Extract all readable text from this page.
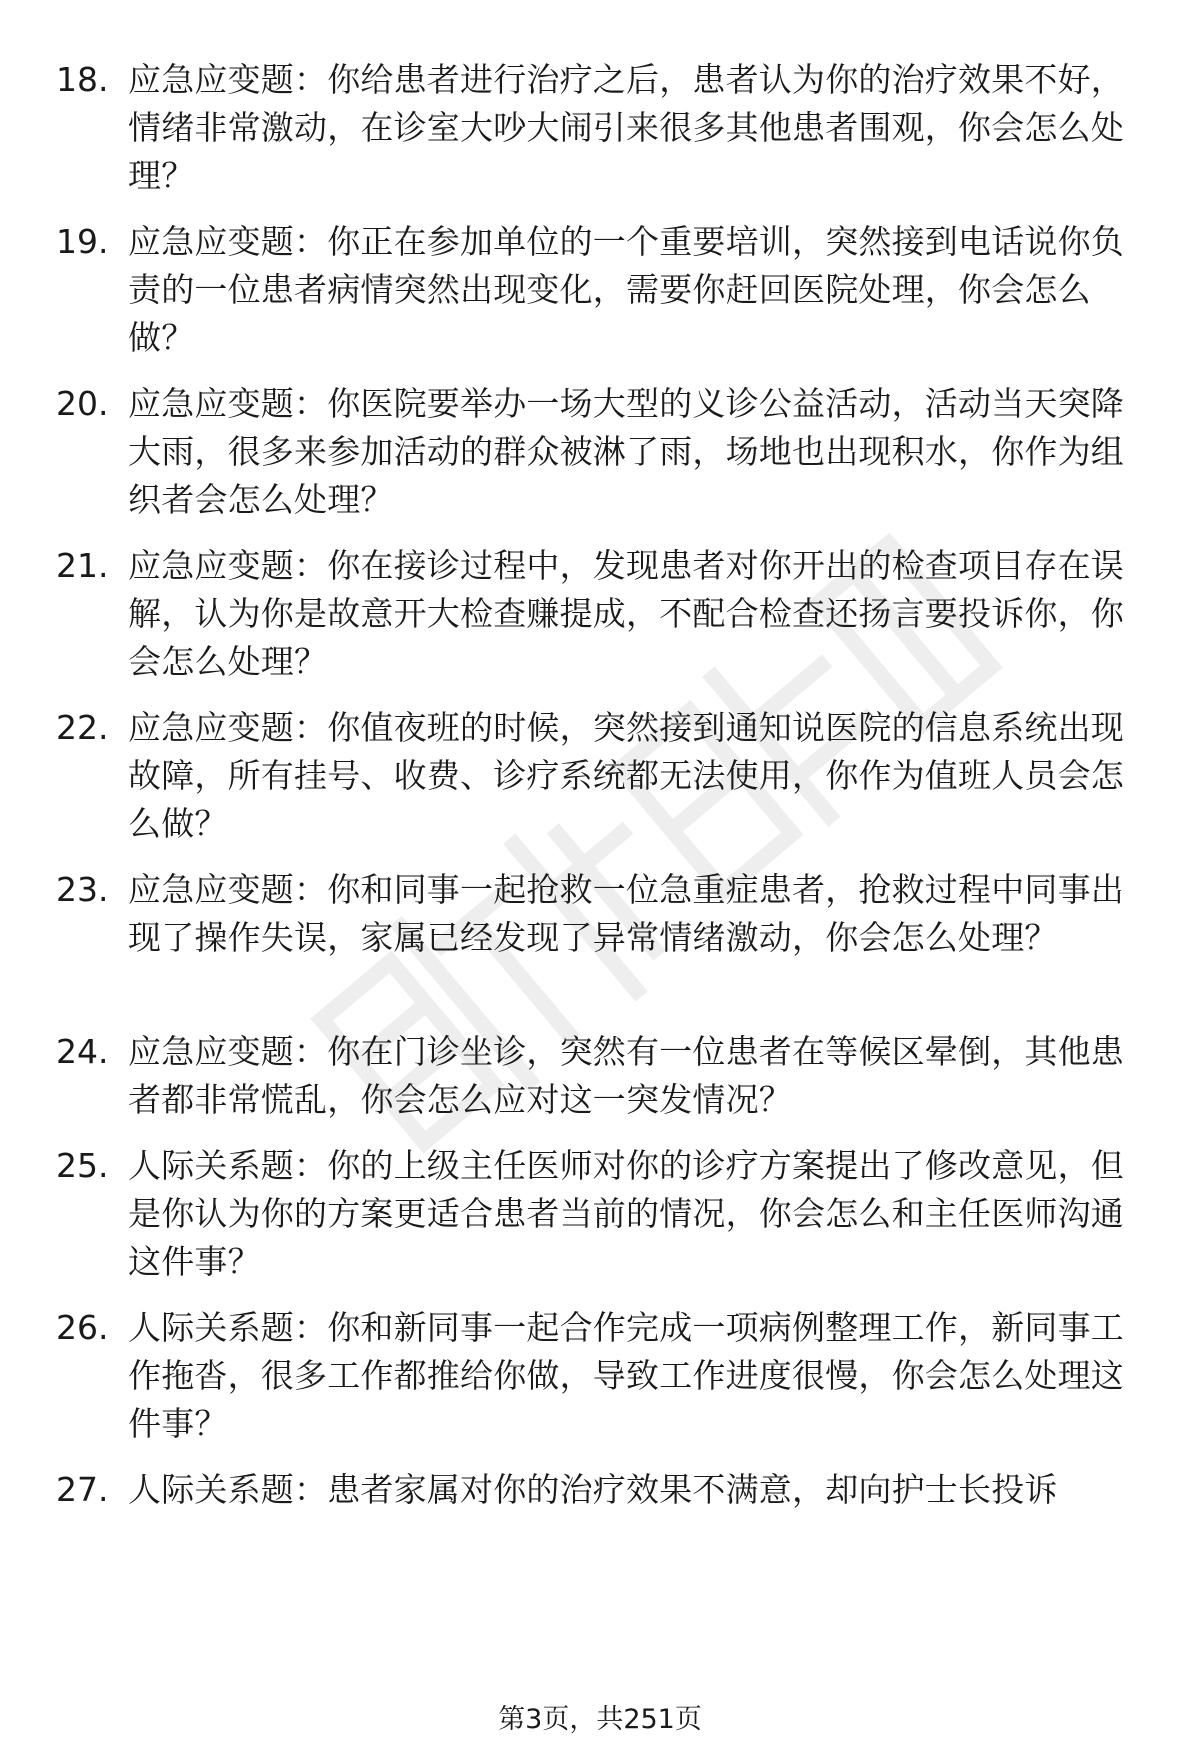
18. 应急应变题：你给患者进行治疗之后，患者认为你的治疗效果不好，情绪非常激动，在诊室大吵大闹引来很多其他患者围观，你会怎么处理？

19. 应急应变题：你正在参加单位的一个重要培训，突然接到电话说你负责的一位患者病情突然出现变化，需要你赶回医院处理，你会怎么做？

20. 应急应变题：你医院要举办一场大型的义诊公益活动，活动当天突降大雨，很多来参加活动的群众被淋了雨，场地也出现积水，你作为组织者会怎么处理？

21. 应急应变题：你在接诊过程中，发现患者对你开出的检查项目存在误解，认为你是故意开大检查赚提成，不配合检查还扬言要投诉你，你会怎么处理？

22. 应急应变题：你值夜班的时候，突然接到通知说医院的信息系统出现故障，所有挂号、收费、诊疗系统都无法使用，你作为值班人员会怎么做？

23. 应急应变题：你和同事一起抢救一位急重症患者，抢救过程中同事出现了操作失误，家属已经发现了异常情绪激动，你会怎么处理？

24. 应急应变题：你在门诊坐诊，突然有一位患者在等候区晕倒，其他患者都非常慌乱，你会怎么应对这一突发情况？

25. 人际关系题：你的上级主任医师对你的诊疗方案提出了修改意见，但是你认为你的方案更适合患者当前的情况，你会怎么和主任医师沟通这件事？

26. 人际关系题：你和新同事一起合作完成一项病例整理工作，新同事工作拖沓，很多工作都推给你做，导致工作进度很慢，你会怎么处理这件事？

27. 人际关系题：患者家属对你的治疗效果不满意，却向护士长投诉

第3页，共251页
